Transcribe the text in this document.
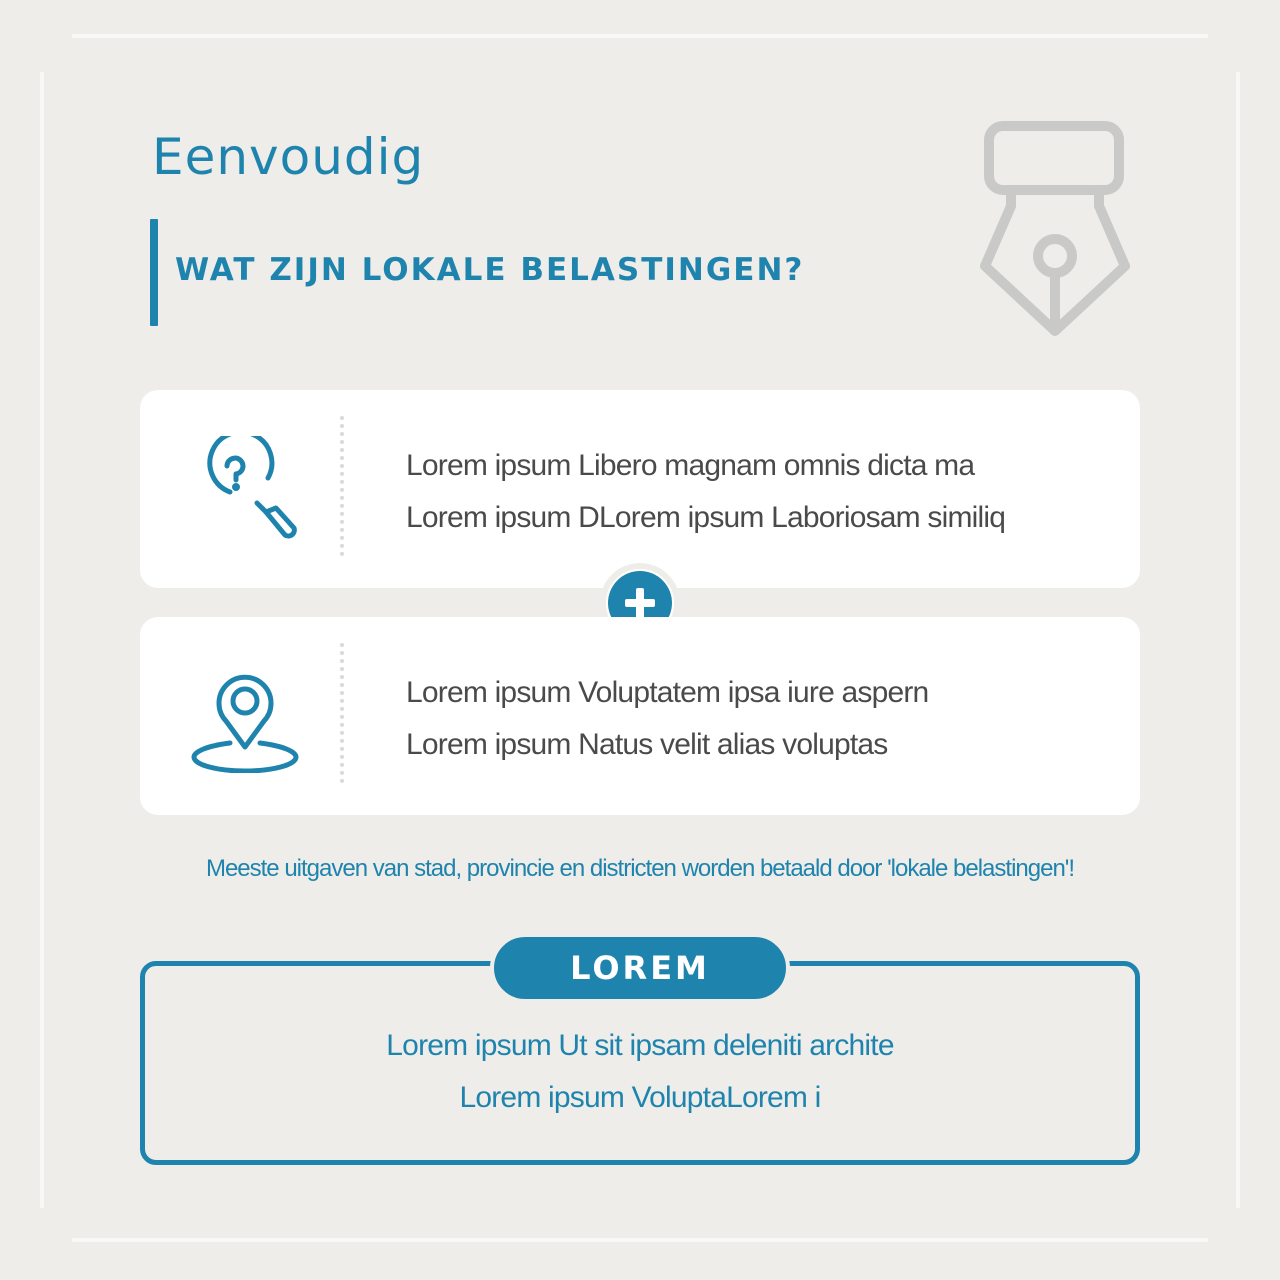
Eenvoudig
WAT ZIJN LOKALE BELASTINGEN?
Lorem ipsum Libero magnam omnis dicta ma
Lorem ipsum DLorem ipsum Laboriosam similiq
Lorem ipsum Voluptatem ipsa iure aspern
Lorem ipsum Natus velit alias voluptas
Meeste uitgaven van stad, provincie en districten worden betaald door 'lokale belastingen'!
Lorem ipsum Ut sit ipsam deleniti archite
Lorem ipsum VoluptaLorem i
LOREM
